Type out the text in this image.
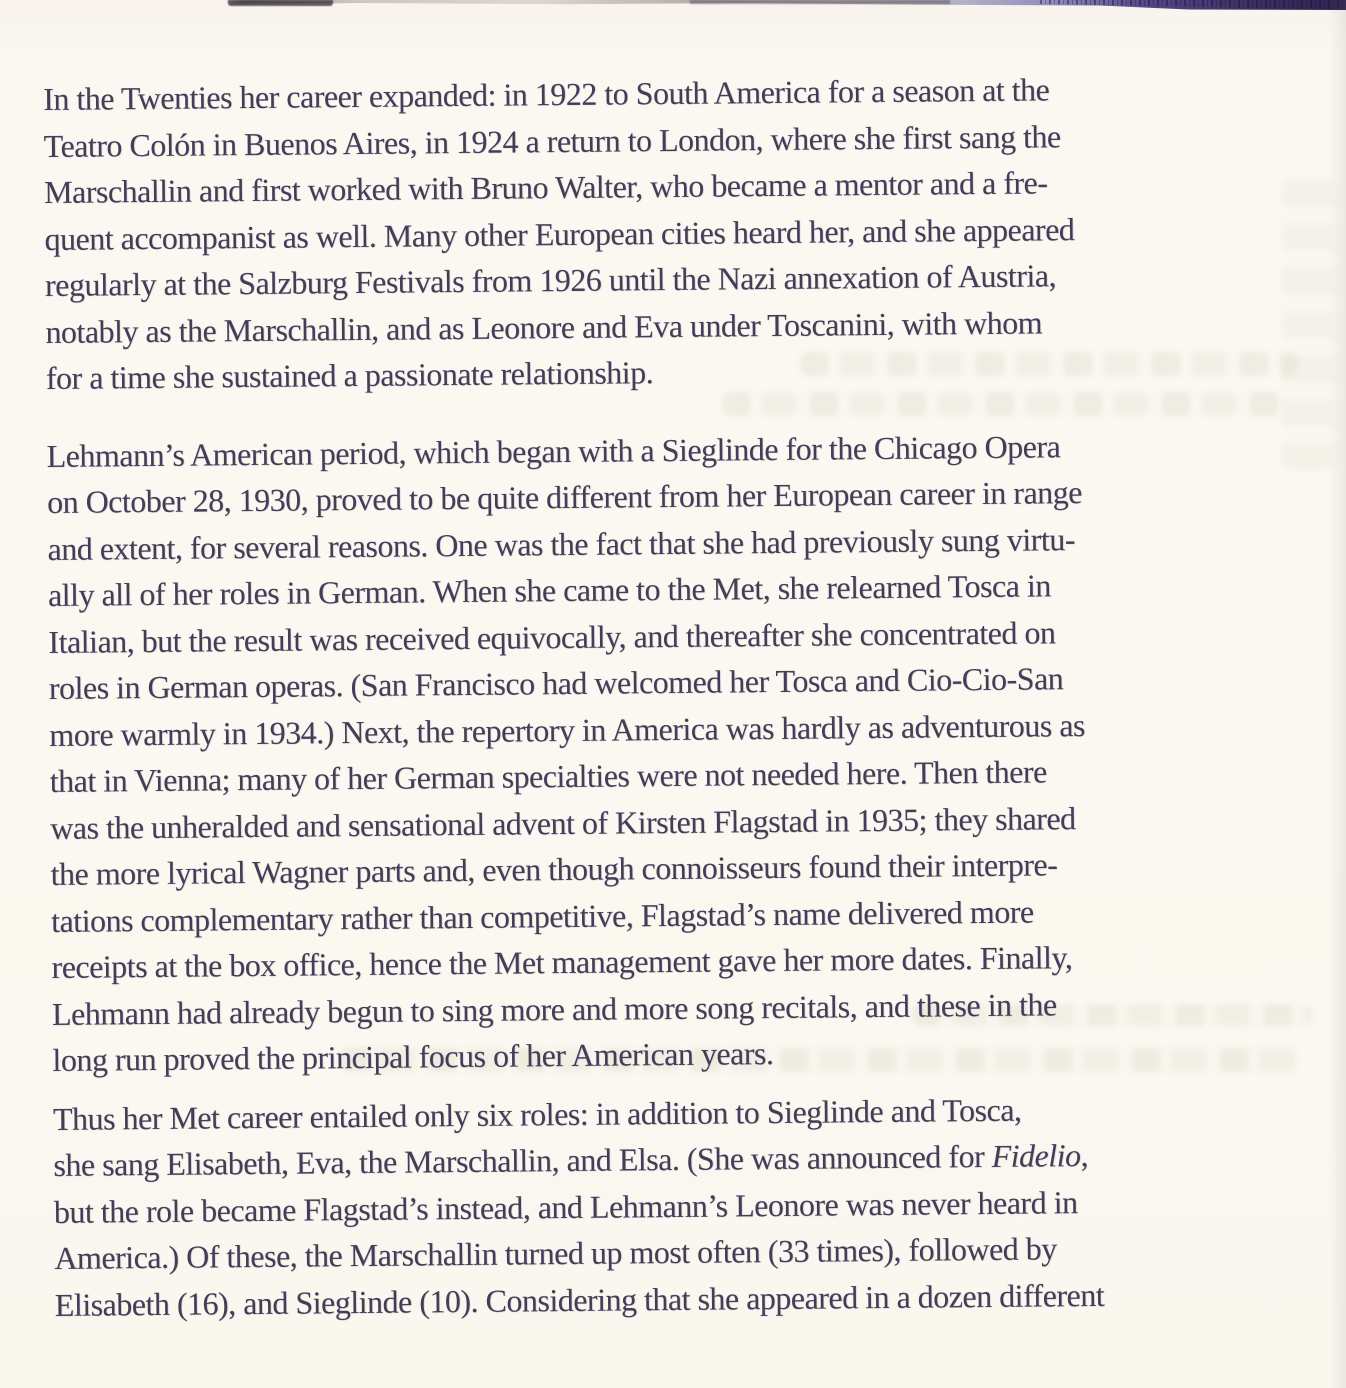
In the Twenties her career expanded: in 1922 to South America for a season at the
Teatro Colón in Buenos Aires, in 1924 a return to London, where she first sang the
Marschallin and first worked with Bruno Walter, who became a mentor and a fre-
quent accompanist as well. Many other European cities heard her, and she appeared
regularly at the Salzburg Festivals from 1926 until the Nazi annexation of Austria,
notably as the Marschallin, and as Leonore and Eva under Toscanini, with whom
for a time she sustained a passionate relationship.
Lehmann’s American period, which began with a Sieglinde for the Chicago Opera
on October 28, 1930, proved to be quite different from her European career in range
and extent, for several reasons. One was the fact that she had previously sung virtu-
ally all of her roles in German. When she came to the Met, she relearned Tosca in
Italian, but the result was received equivocally, and thereafter she concentrated on
roles in German operas. (San Francisco had welcomed her Tosca and Cio-Cio-San
more warmly in 1934.) Next, the repertory in America was hardly as adventurous as
that in Vienna; many of her German specialties were not needed here. Then there
was the unheralded and sensational advent of Kirsten Flagstad in 1935; they shared
the more lyrical Wagner parts and, even though connoisseurs found their interpre-
tations complementary rather than competitive, Flagstad’s name delivered more
receipts at the box office, hence the Met management gave her more dates. Finally,
Lehmann had already begun to sing more and more song recitals, and these in the
long run proved the principal focus of her American years.
Thus her Met career entailed only six roles: in addition to Sieglinde and Tosca,
she sang Elisabeth, Eva, the Marschallin, and Elsa. (She was announced for Fidelio,
but the role became Flagstad’s instead, and Lehmann’s Leonore was never heard in
America.) Of these, the Marschallin turned up most often (33 times), followed by
Elisabeth (16), and Sieglinde (10). Considering that she appeared in a dozen different
